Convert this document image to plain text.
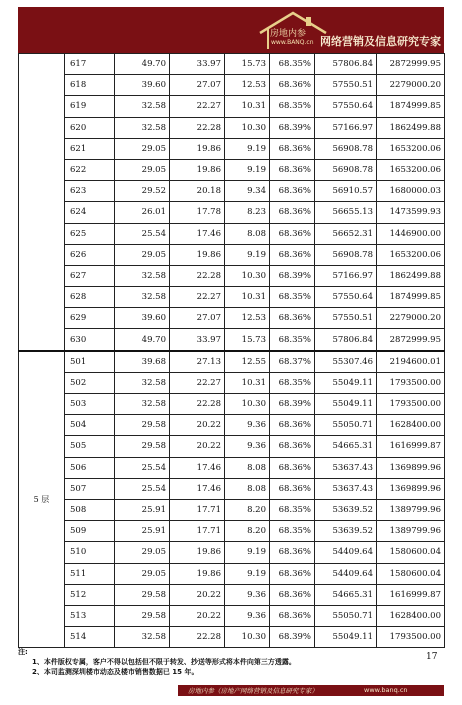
房地内参
www.BANQ.cn 网络营销及信息研究专家
	617	49.70	33.97	15.73	68.35%	57806.84	2872999.95
	618	39.60	27.07	12.53	68.36%	57550.51	2279000.20
	619	32.58	22.27	10.31	68.35%	57550.64	1874999.85
	620	32.58	22.28	10.30	68.39%	57166.97	1862499.88
	621	29.05	19.86	9.19	68.36%	56908.78	1653200.06
	622	29.05	19.86	9.19	68.36%	56908.78	1653200.06
	623	29.52	20.18	9.34	68.36%	56910.57	1680000.03
	624	26.01	17.78	8.23	68.36%	56655.13	1473599.93
	625	25.54	17.46	8.08	68.36%	56652.31	1446900.00
	626	29.05	19.86	9.19	68.36%	56908.78	1653200.06
	627	32.58	22.28	10.30	68.39%	57166.97	1862499.88
	628	32.58	22.27	10.31	68.35%	57550.64	1874999.85
	629	39.60	27.07	12.53	68.36%	57550.51	2279000.20
	630	49.70	33.97	15.73	68.35%	57806.84	2872999.95
5 层	501	39.68	27.13	12.55	68.37%	55307.46	2194600.01
	502	32.58	22.27	10.31	68.35%	55049.11	1793500.00
	503	32.58	22.28	10.30	68.39%	55049.11	1793500.00
	504	29.58	20.22	9.36	68.36%	55050.71	1628400.00
	505	29.58	20.22	9.36	68.36%	54665.31	1616999.87
	506	25.54	17.46	8.08	68.36%	53637.43	1369899.96
	507	25.54	17.46	8.08	68.36%	53637.43	1369899.96
	508	25.91	17.71	8.20	68.35%	53639.52	1389799.96
	509	25.91	17.71	8.20	68.35%	53639.52	1389799.96
	510	29.05	19.86	9.19	68.36%	54409.64	1580600.04
	511	29.05	19.86	9.19	68.36%	54409.64	1580600.04
	512	29.58	20.22	9.36	68.36%	54665.31	1616999.87
	513	29.58	20.22	9.36	68.36%	55050.71	1628400.00
	514	32.58	22.28	10.30	68.39%	55049.11	1793500.00
注:
1、本件版权专属，客户不得以包括但不限于转发、抄送等形式将本件向第三方透露。
2、本司监测深圳楼市动态及楼市销售数据已 15 年。
17
房地内参（房地产网络营销及信息研究专家）	www.banq.cn
